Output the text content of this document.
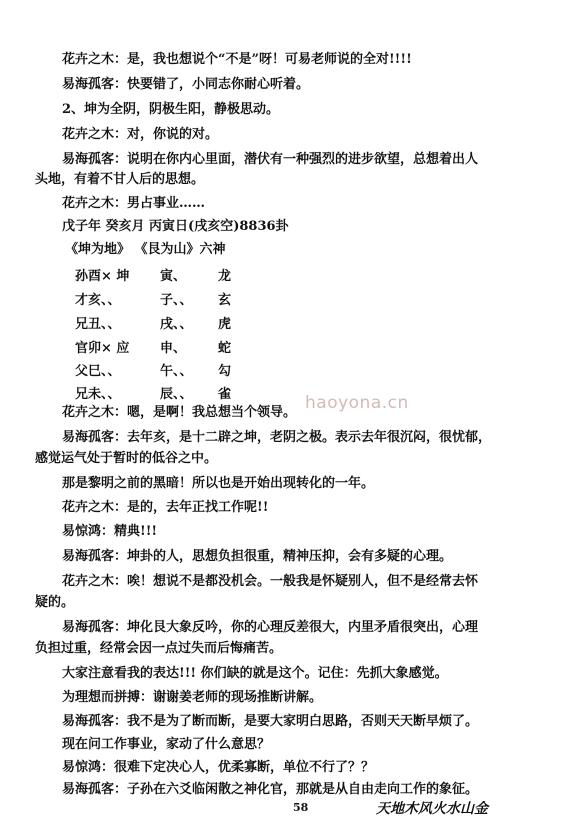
花卉之木：是，我也想说个“不是”呀！可易老师说的全对!!!!
易海孤客：快要错了，小同志你耐心听着。
2、坤为全阴，阴极生阳，静极思动。
花卉之木：对，你说的对。
易海孤客：说明在你内心里面，潜伏有一种强烈的进步欲望，总想着出人
头地，有着不甘人后的思想。
花卉之木：男占事业……
戊子年 癸亥月 丙寅日(戌亥空)8836卦
《坤为地》 《艮为山》六神
孙酉× 坤 寅、 龙
才亥、、	子、、 玄
兄丑、、	戌、、 虎
官卯× 应 申、 蛇
父巳、、	午、、 勾
兄未、、	辰、、 雀
花卉之木：嗯，是啊！我总想当个领导。
易海孤客：去年亥，是十二辟之坤，老阴之极。表示去年很沉闷，很忧郁，
感觉运气处于暂时的低谷之中。
那是黎明之前的黑暗！所以也是开始出现转化的一年。
花卉之木：是的，去年正找工作呢!!
易惊鸿：精典!!!
易海孤客：坤卦的人，思想负担很重，精神压抑，会有多疑的心理。
花卉之木：唉！想说不是都没机会。一般我是怀疑别人，但不是经常去怀
疑的。
易海孤客：坤化艮大象反吟，你的心理反差很大，内里矛盾很突出，心理
负担过重，经常会因一点过失而后悔痛苦。
大家注意看我的表达!!! 你们缺的就是这个。记住：先抓大象感觉。
为理想而拼搏：谢谢姜老师的现场推断讲解。
易海孤客：我不是为了断而断，是要大家明白思路，否则天天断早烦了。
现在问工作事业，家动了什么意思？
易惊鸿：很难下定决心人，优柔寡断，单位不行了？？
易海孤客：子孙在六爻临闲散之神化官，那就是从自由走向工作的象征。
haoyona.cn
58	天地木风火水山金
